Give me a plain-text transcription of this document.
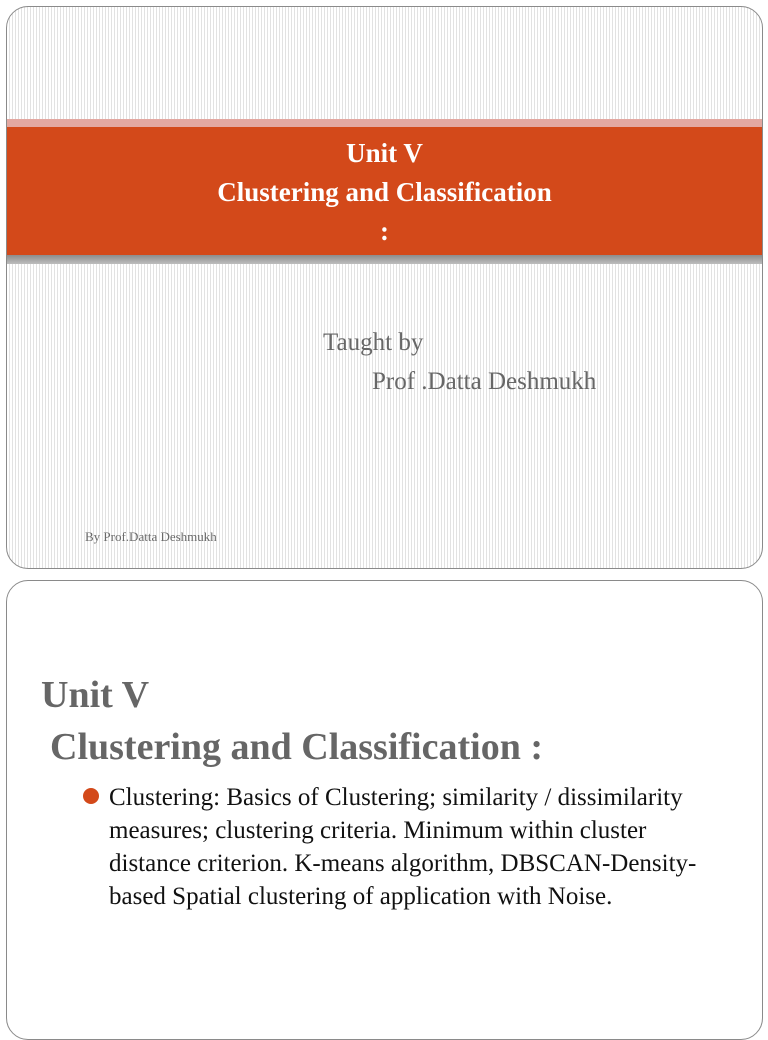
Unit V
Clustering and Classification
:
Taught by
Prof .Datta Deshmukh
By Prof.Datta Deshmukh
Unit V
Clustering and Classification :
Clustering: Basics of Clustering; similarity / dissimilarity measures; clustering criteria. Minimum within cluster distance criterion. K-means algorithm, DBSCAN-Density-based Spatial clustering of application with Noise.
